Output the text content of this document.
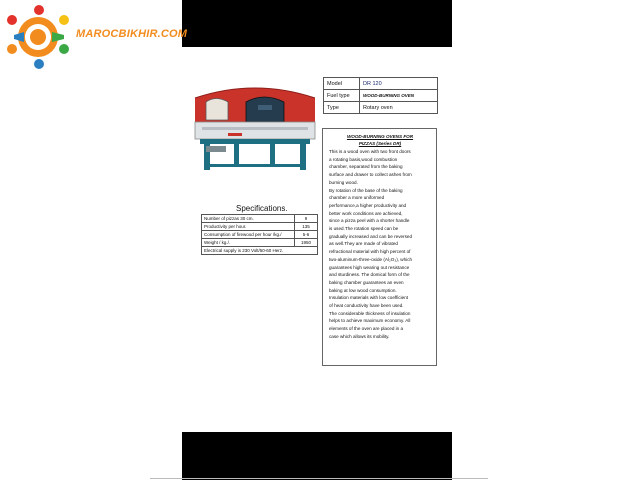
MAROCBIKHIR.COM
Specifications.
Number of pizzas 30 cm.	9
Productivity per hour.	135
Consumption of firewood per hour /kg./	5-6
Weight / kg./.	1950
Electrical supply is 230 Volt/50-60 Herz.	
Model	DR 120
Fuel type	WOOD-BURNING OVEN
Type	Rotary oven
WOOD-BURNING OVENS FOR
PIZZAS (Series DR)
This is a wood oven with two front doors
a rotating basis,wood combustion
chamber, separated from the baking
surface and drawer to collect ashes from
burning wood.
By rotation of the base of the baking
chamber a more uniformed
performance,a higher productivity and
better work conditions are achieved,
since a pizza peel with a shorter handle
is used.The rotation speed can be
gradually increased and can be reversed
as well.They are made of vibrated
refractional material with high percent of
two-aluminum-three-oxide (Al₂O₃), which
guarantees high wearing out resistance
and sturdiness. The domical form of the
baking chamber guarantees an even
baking at low wood consumption.
Insulation materials with low coefficient
of heat conductivity have been used.
The considerable thickness of insulation
helps to achieve maximum economy. All
elements of the oven are placed in a
case which allows its mobility.
